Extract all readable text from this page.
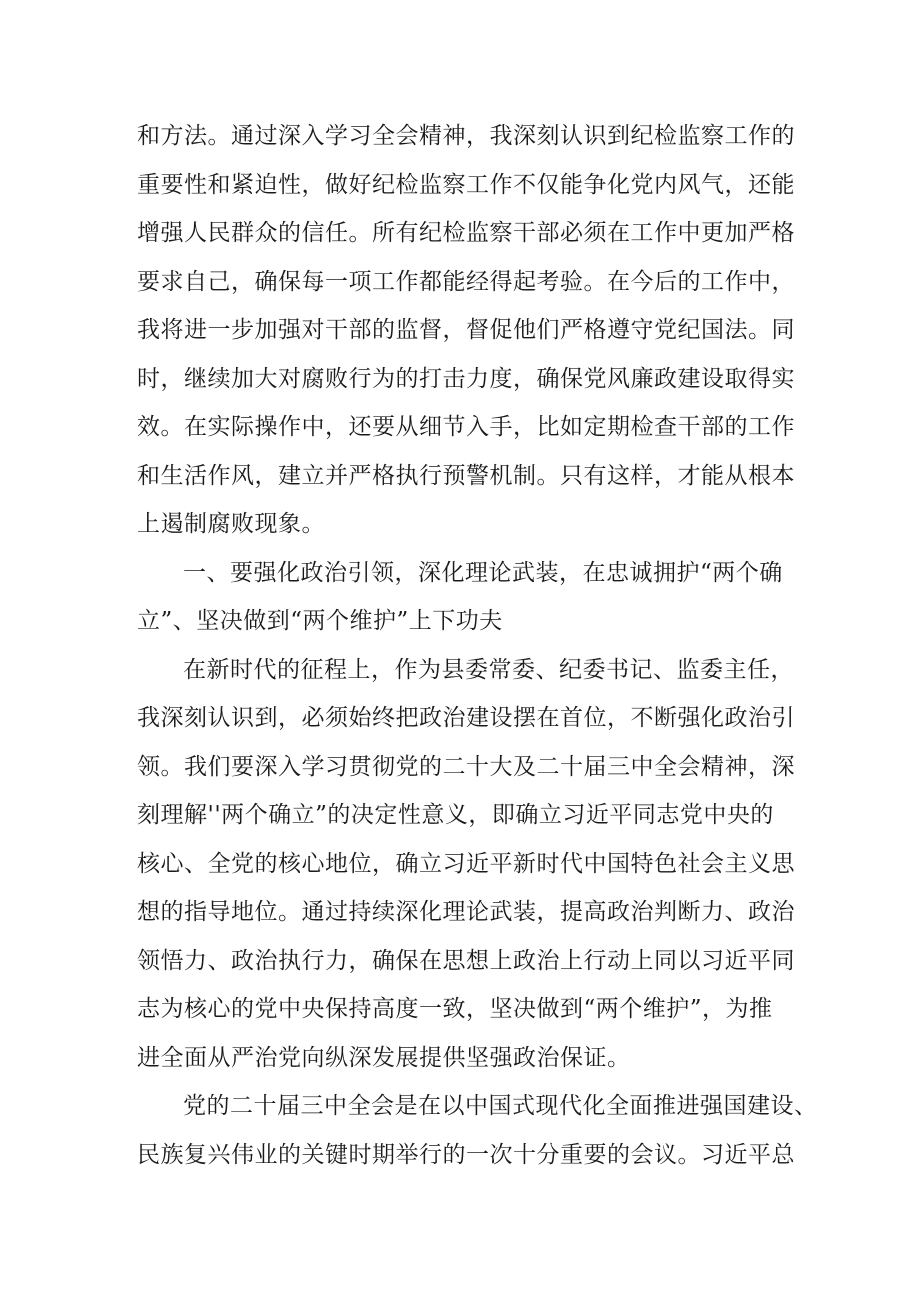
和方法。通过深入学习全会精神，我深刻认识到纪检监察工作的
重要性和紧迫性，做好纪检监察工作不仅能争化党内风气，还能
增强人民群众的信任。所有纪检监察干部必须在工作中更加严格
要求自己，确保每一项工作都能经得起考验。在今后的工作中，
我将进一步加强对干部的监督，督促他们严格遵守党纪国法。同
时，继续加大对腐败行为的打击力度，确保党风廉政建设取得实
效。在实际操作中，还要从细节入手，比如定期检查干部的工作
和生活作风，建立并严格执行预警机制。只有这样，才能从根本
上遏制腐败现象。
一、要强化政治引领，深化理论武装，在忠诚拥护“两个确
立”、坚决做到“两个维护”上下功夫
在新时代的征程上，作为县委常委、纪委书记、监委主任，
我深刻认识到，必须始终把政治建设摆在首位，不断强化政治引
领。我们要深入学习贯彻党的二十大及二十届三中全会精神，深
刻理解''两个确立”的决定性意义，即确立习近平同志党中央的
核心、全党的核心地位，确立习近平新时代中国特色社会主义思
想的指导地位。通过持续深化理论武装，提高政治判断力、政治
领悟力、政治执行力，确保在思想上政治上行动上同以习近平同
志为核心的党中央保持高度一致，坚决做到“两个维护”，为推
进全面从严治党向纵深发展提供坚强政治保证。
党的二十届三中全会是在以中国式现代化全面推进强国建设、
民族复兴伟业的关键时期举行的一次十分重要的会议。习近平总
